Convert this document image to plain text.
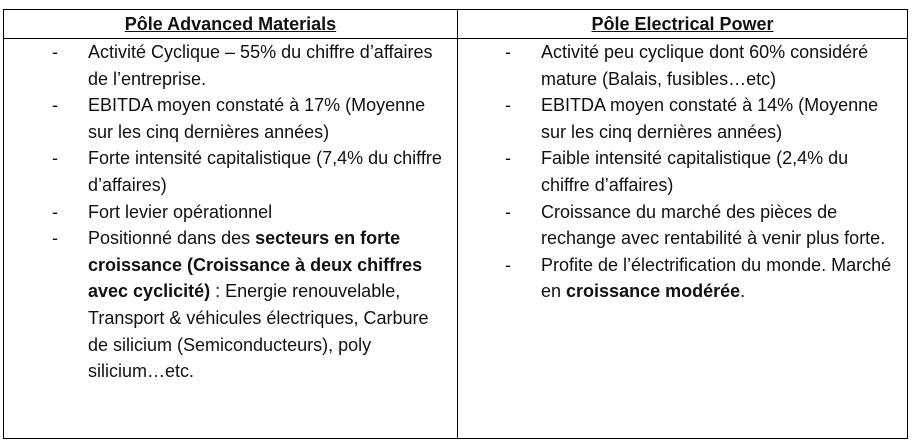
Pôle Advanced Materials	Pôle Electrical Power
- Activité Cyclique – 55% du chiffre d’affaires de l’entreprise.
- EBITDA moyen constaté à 17% (Moyenne sur les cinq dernières années)
- Forte intensité capitalistique (7,4% du chiffre d’affaires)
- Fort levier opérationnel
- Positionné dans des secteurs en forte croissance (Croissance à deux chiffres avec cyclicité) : Energie renouvelable, Transport & véhicules électriques, Carbure de silicium (Semiconducteurs), poly silicium…etc.
- Activité peu cyclique dont 60% considéré mature (Balais, fusibles…etc)
- EBITDA moyen constaté à 14% (Moyenne sur les cinq dernières années)
- Faible intensité capitalistique (2,4% du chiffre d’affaires)
- Croissance du marché des pièces de rechange avec rentabilité à venir plus forte.
- Profite de l’électrification du monde. Marché en croissance modérée.
